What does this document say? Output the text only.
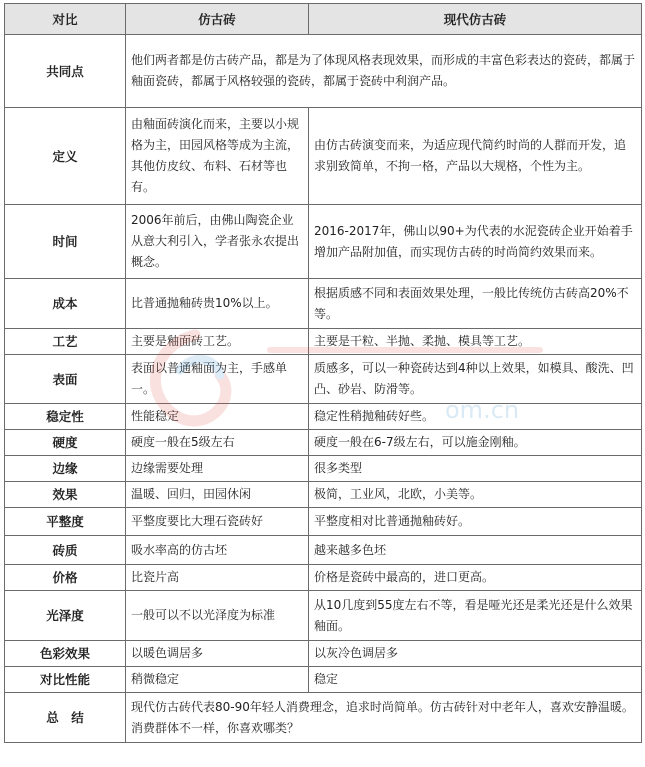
对比	仿古砖	现代仿古砖
共同点	他们两者都是仿古砖产品，都是为了体现风格表现效果，而形成的丰富色彩表达的瓷砖，都属于釉面瓷砖，都属于风格较强的瓷砖，都属于瓷砖中利润产品。	
定义	由釉面砖演化而来，主要以小规格为主，田园风格等成为主流，其他仿皮纹、布料、石材等也有。	由仿古砖演变而来，为适应现代简约时尚的人群而开发，追求别致简单，不拘一格，产品以大规格，个性为主。
时间	2006年前后，由佛山陶瓷企业从意大利引入，学者张永农提出概念。	2016-2017年，佛山以90+为代表的水泥瓷砖企业开始着手增加产品附加值，而实现仿古砖的时尚简约效果而来。
成本	比普通抛釉砖贵10%以上。	根据质感不同和表面效果处理，一般比传统仿古砖高20%不等。
工艺	主要是釉面砖工艺。	主要是干粒、半抛、柔抛、模具等工艺。
表面	表面以普通釉面为主，手感单一。	质感多，可以一种瓷砖达到4种以上效果，如模具、酸洗、凹凸、砂岩、防滑等。
稳定性	性能稳定	稳定性稍抛釉砖好些。
硬度	硬度一般在5级左右	硬度一般在6-7级左右，可以施金刚釉。
边缘	边缘需要处理	很多类型
效果	温暖、回归，田园休闲	极简，工业风，北欧，小美等。
平整度	平整度要比大理石瓷砖好	平整度相对比普通抛釉砖好。
砖质	吸水率高的仿古坯	越来越多色坯
价格	比瓷片高	价格是瓷砖中最高的，进口更高。
光泽度	一般可以不以光泽度为标准	从10几度到55度左右不等，看是哑光还是柔光还是什么效果釉面。
色彩效果	以暖色调居多	以灰冷色调居多
对比性能	稍微稳定	稳定
总　结	现代仿古砖代表80-90年轻人消费理念，追求时尚简单。仿古砖针对中老年人，喜欢安静温暖。消费群体不一样，你喜欢哪类？	
om.cn
